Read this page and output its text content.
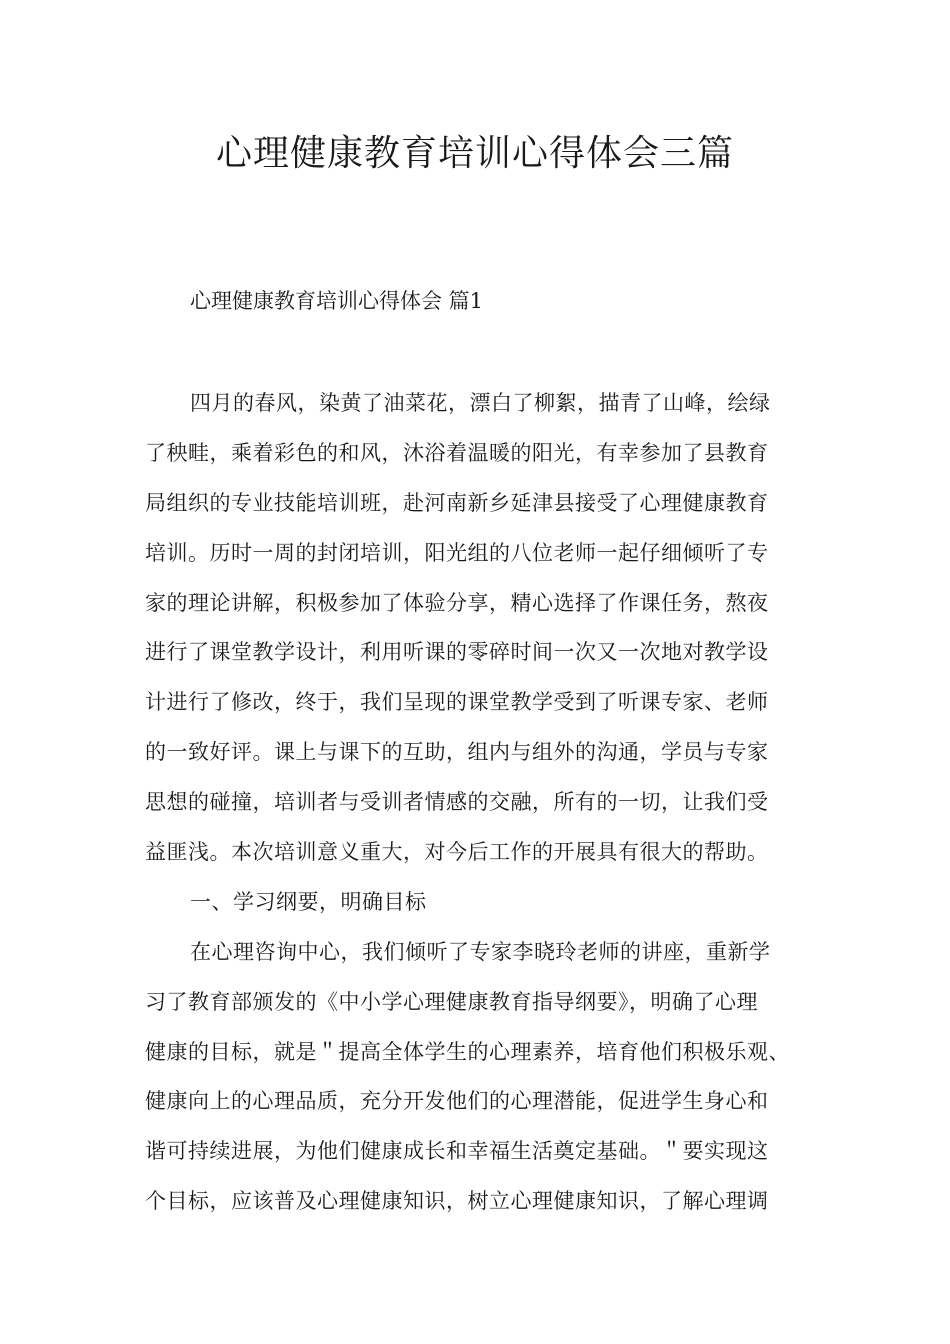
心理健康教育培训心得体会三篇

心理健康教育培训心得体会 篇1

四月的春风，染黄了油菜花，漂白了柳絮，描青了山峰，绘绿
了秧畦，乘着彩色的和风，沐浴着温暖的阳光，有幸参加了县教育
局组织的专业技能培训班，赴河南新乡延津县接受了心理健康教育
培训。历时一周的封闭培训，阳光组的八位老师一起仔细倾听了专
家的理论讲解，积极参加了体验分享，精心选择了作课任务，熬夜
进行了课堂教学设计，利用听课的零碎时间一次又一次地对教学设
计进行了修改，终于，我们呈现的课堂教学受到了听课专家、老师
的一致好评。课上与课下的互助，组内与组外的沟通，学员与专家
思想的碰撞，培训者与受训者情感的交融，所有的一切，让我们受
益匪浅。本次培训意义重大，对今后工作的开展具有很大的帮助。
一、学习纲要，明确目标
在心理咨询中心，我们倾听了专家李晓玲老师的讲座，重新学
习了教育部颁发的《中小学心理健康教育指导纲要》，明确了心理
健康的目标，就是＂提高全体学生的心理素养，培育他们积极乐观、
健康向上的心理品质，充分开发他们的心理潜能，促进学生身心和
谐可持续进展，为他们健康成长和幸福生活奠定基础。＂要实现这
个目标，应该普及心理健康知识，树立心理健康知识，了解心理调
